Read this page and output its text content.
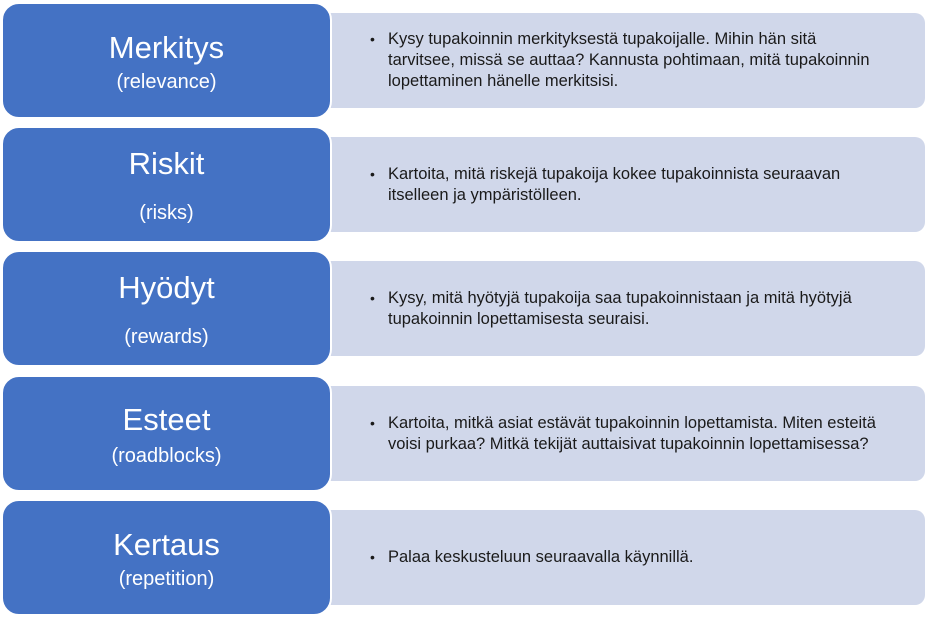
• Kysy tupakoinnin merkityksestä tupakoijalle. Mihin hän sitä tarvitsee, missä se auttaa? Kannusta pohtimaan, mitä tupakoinnin lopettaminen hänelle merkitsisi.
Merkitys
(relevance)
• Kartoita, mitä riskejä tupakoija kokee tupakoinnista seuraavan itselleen ja ympäristölleen.
Riskit
(risks)
• Kysy, mitä hyötyjä tupakoija saa tupakoinnistaan ja mitä hyötyjä tupakoinnin lopettamisesta seuraisi.
Hyödyt
(rewards)
• Kartoita, mitkä asiat estävät tupakoinnin lopettamista. Miten esteitä voisi purkaa? Mitkä tekijät auttaisivat tupakoinnin lopettamisessa?
Esteet
(roadblocks)
• Palaa keskusteluun seuraavalla käynnillä.
Kertaus
(repetition)
